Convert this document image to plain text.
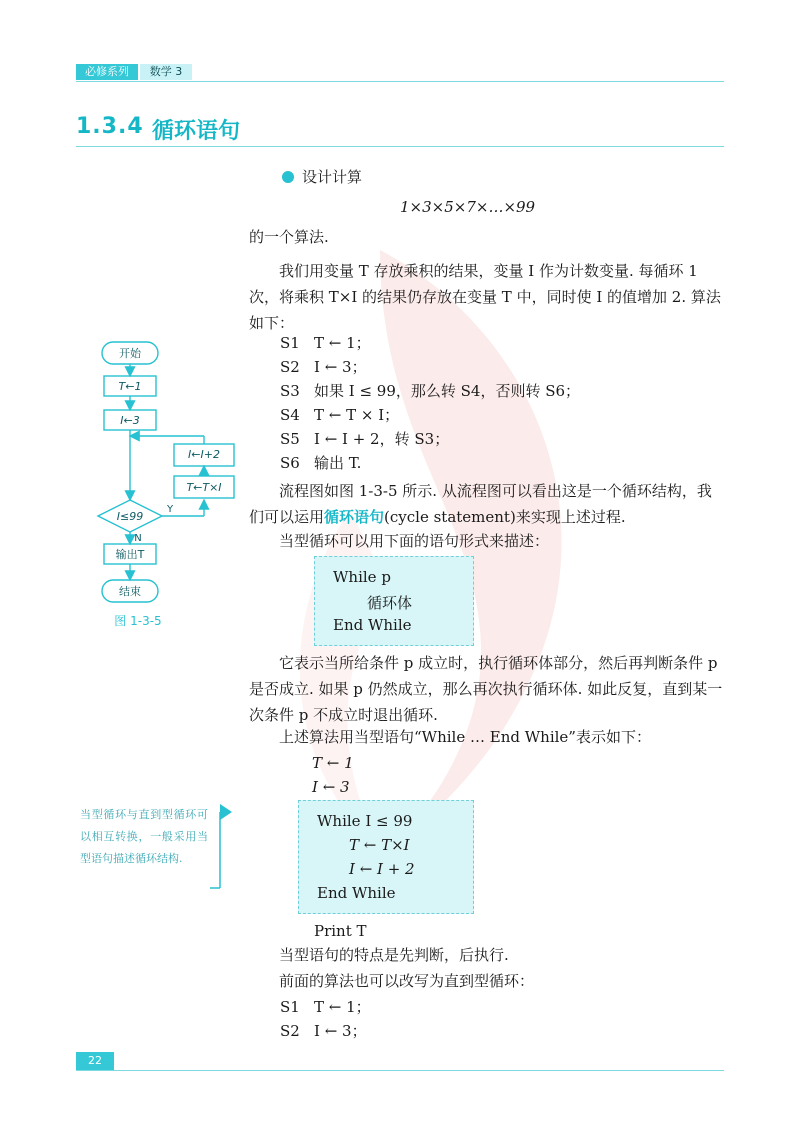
必修系列	数学 3
1.3.4 循环语句
设计计算
1×3×5×7×…×99
的一个算法.
我们用变量 T 存放乘积的结果，变量 I 作为计数变量. 每循环 1 次，将乘积 T×I 的结果仍存放在变量 T 中，同时使 I 的值增加 2. 算法如下：
S1 T ← 1；
S2 I ← 3；
S3 如果 I ≤ 99，那么转 S4，否则转 S6；
S4 T ← T × I；
S5 I ← I + 2，转 S3；
S6 输出 T.
流程图如图 1-3-5 所示. 从流程图可以看出这是一个循环结构，我们可以运用循环语句(cycle statement)来实现上述过程.
当型循环可以用下面的语句形式来描述：
While p
循环体
End While
它表示当所给条件 p 成立时，执行循环体部分，然后再判断条件 p 是否成立. 如果 p 仍然成立，那么再次执行循环体. 如此反复，直到某一次条件 p 不成立时退出循环.
上述算法用当型语句“While … End While”表示如下：
T ← 1
I ← 3
While I ≤ 99
T ← T×I
I ← I + 2
End While
Print T
当型语句的特点是先判断，后执行.
前面的算法也可以改写为直到型循环：
S1 T ← 1；
S2 I ← 3；
当型循环与直到型循环可以相互转换，一般采用当型语句描述循环结构.
开始
T←1
I←3
I←I+2
T←T×I
I≤99
Y
N
输出T
结束
图 1-3-5
22
